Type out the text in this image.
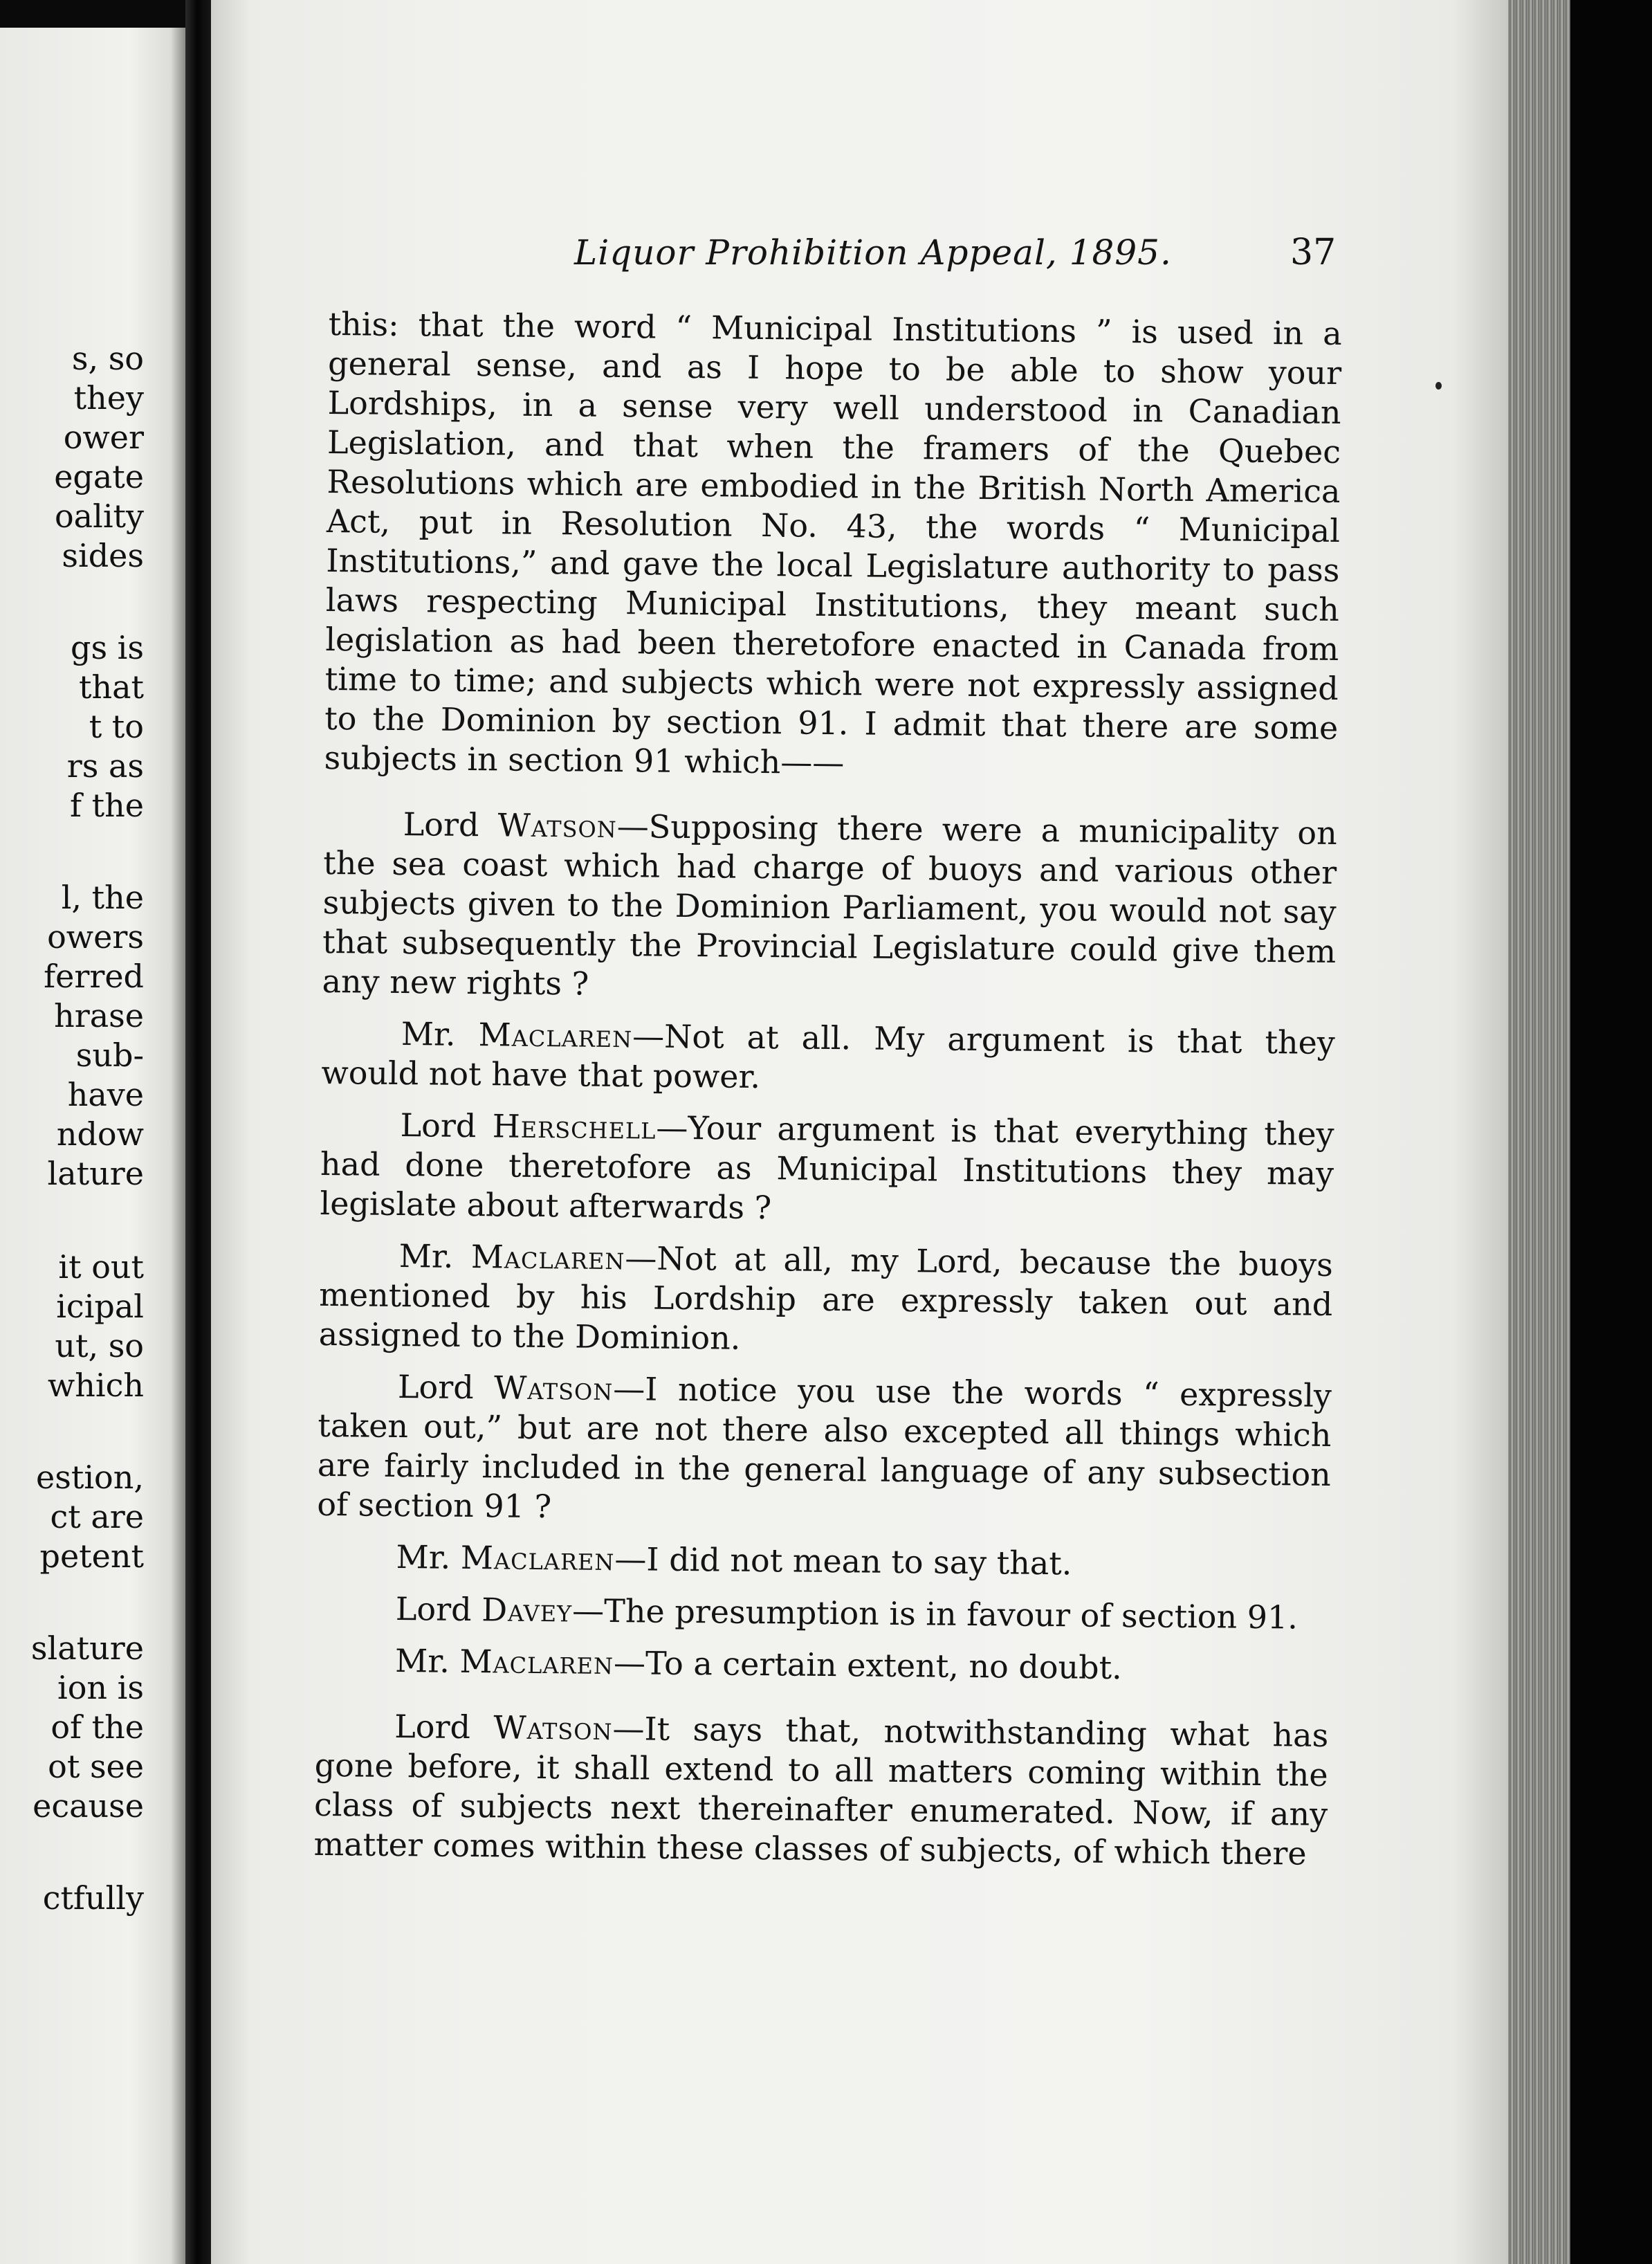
s, so
they
ower
egate
oality
sides
gs is
that
t to
rs as
f the
l, the
owers
ferred
hrase
sub-
have
ndow
lature
it out
icipal
ut, so
which
estion,
ct are
petent
slature
ion is
of the
ot see
ecause
ctfully
Liquor Prohibition Appeal, 1895.	37

this: that the word “ Municipal Institutions ” is used in a general sense, and as I hope to be able to show your Lordships, in a sense very well understood in Canadian Legislation, and that when the framers of the Quebec Resolutions which are embodied in the British North America Act, put in Resolution No. 43, the words “ Municipal Institutions,” and gave the local Legislature authority to pass laws respecting Municipal Institutions, they meant such legislation as had been theretofore enacted in Canada from time to time; and subjects which were not expressly assigned to the Dominion by section 91. I admit that there are some subjects in section 91 which——

Lord Watson—Supposing there were a municipality on the sea coast which had charge of buoys and various other subjects given to the Dominion Parliament, you would not say that subsequently the Provincial Legislature could give them any new rights ?

Mr. Maclaren—Not at all. My argument is that they would not have that power.

Lord Herschell—Your argument is that everything they had done theretofore as Municipal Institutions they may legislate about afterwards ?

Mr. Maclaren—Not at all, my Lord, because the buoys mentioned by his Lordship are expressly taken out and assigned to the Dominion.

Lord Watson—I notice you use the words “ expressly taken out,” but are not there also excepted all things which are fairly included in the general language of any subsection of section 91 ?

Mr. Maclaren—I did not mean to say that.

Lord Davey—The presumption is in favour of section 91.

Mr. Maclaren—To a certain extent, no doubt.

Lord Watson—It says that, notwithstanding what has gone before, it shall extend to all matters coming within the class of subjects next thereinafter enumerated. Now, if any matter comes within these classes of subjects, of which there
